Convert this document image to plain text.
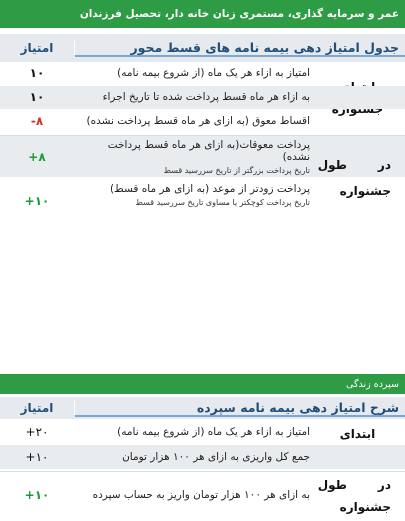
عمر و سرمایه گذاری، مستمری زنان خانه دار، تحصیل فرزندان
جدول امتیاز دهی بیمه نامه های قسط محور
امتیاز
امتیاز به ازاء هر یک ماه (از شروع بیمه نامه)
۱۰
به ازاء هر ماه قسط پرداخت شده تا تاریخ اجراء
۱۰
اقساط معوق (به ازای هر ماه قسط پرداخت نشده)
-۸
پرداخت معوقات(به ازای هر ماه قسط پرداخت نشده)
تاریخ پرداخت بزرگتر از تاریخ سررسید قسط
+۸
پرداخت زودتر از موعد (به ازای هر ماه قسط)
تاریخ پرداخت کوچکتر یا مساوی تاریخ سررسید قسط
+۱۰
در
طول
جشنواره
سپرده زندگی
شرح امتیاز دهی بیمه نامه سپرده
امتیاز
ابتدای
امتیاز به ازاء هر یک ماه (از شروع بیمه نامه)
+۲۰
جمع کل واریزی به ازای هر ۱۰۰ هزار تومان
+۱۰
به ازای هر ۱۰۰ هزار تومان واریز به حساب سپرده
+۱۰
در
طول
جشنواره
